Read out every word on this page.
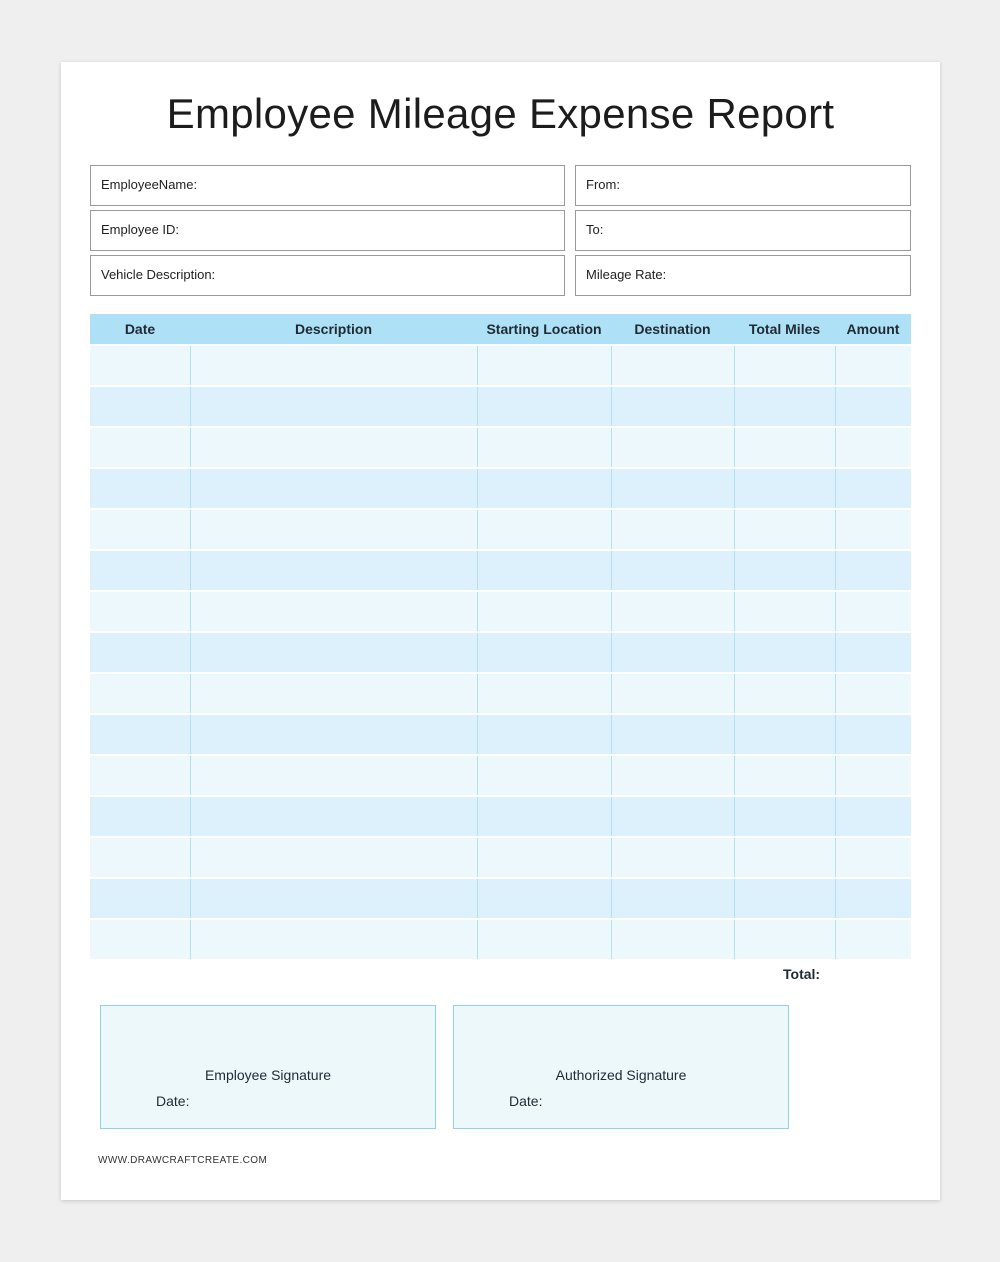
Employee Mileage Expense Report
EmployeeName:
Employee ID:
Vehicle Description:
From:
To:
Mileage Rate:
Date	Description	Starting Location	Destination	Total Miles	Amount

Total:
Employee Signature
Date:
Authorized Signature
Date:
WWW.DRAWCRAFTCREATE.COM
